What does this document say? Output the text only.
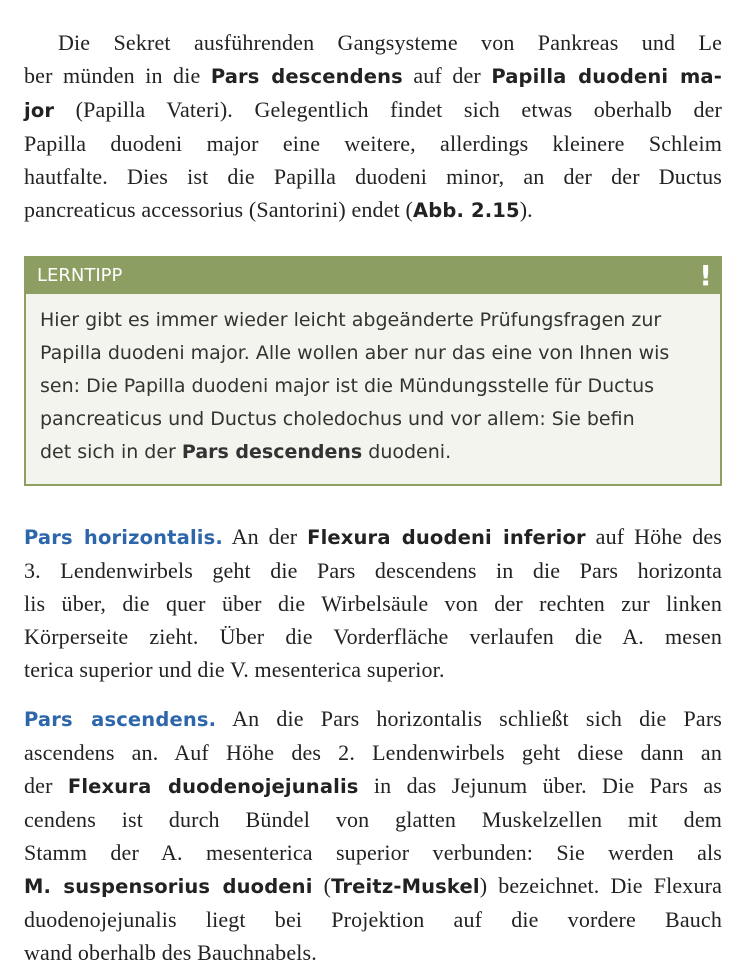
Die Sekret ausführenden Gangsysteme von Pankreas und Le
ber münden in die Pars descendens auf der Papilla duodeni ma-
jor (Papilla Vateri). Gelegentlich findet sich etwas oberhalb der
Papilla duodeni major eine weitere, allerdings kleinere Schleim
hautfalte. Dies ist die Papilla duodeni minor, an der der Ductus
pancreaticus accessorius (Santorini) endet (Abb. 2.15).

LERNTIPP	!
Hier gibt es immer wieder leicht abgeänderte Prüfungsfragen zur
Papilla duodeni major. Alle wollen aber nur das eine von Ihnen wis
sen: Die Papilla duodeni major ist die Mündungsstelle für Ductus
pancreaticus und Ductus choledochus und vor allem: Sie befin
det sich in der Pars descendens duodeni.

Pars horizontalis. An der Flexura duodeni inferior auf Höhe des
3. Lendenwirbels geht die Pars descendens in die Pars horizonta
lis über, die quer über die Wirbelsäule von der rechten zur linken
Körperseite zieht. Über die Vorderfläche verlaufen die A. mesen
terica superior und die V. mesenterica superior.

Pars ascendens. An die Pars horizontalis schließt sich die Pars
ascendens an. Auf Höhe des 2. Lendenwirbels geht diese dann an
der Flexura duodenojejunalis in das Jejunum über. Die Pars as
cendens ist durch Bündel von glatten Muskelzellen mit dem
Stamm der A. mesenterica superior verbunden: Sie werden als
M. suspensorius duodeni (Treitz-Muskel) bezeichnet. Die Flexura
duodenojejunalis liegt bei Projektion auf die vordere Bauch
wand oberhalb des Bauchnabels.
